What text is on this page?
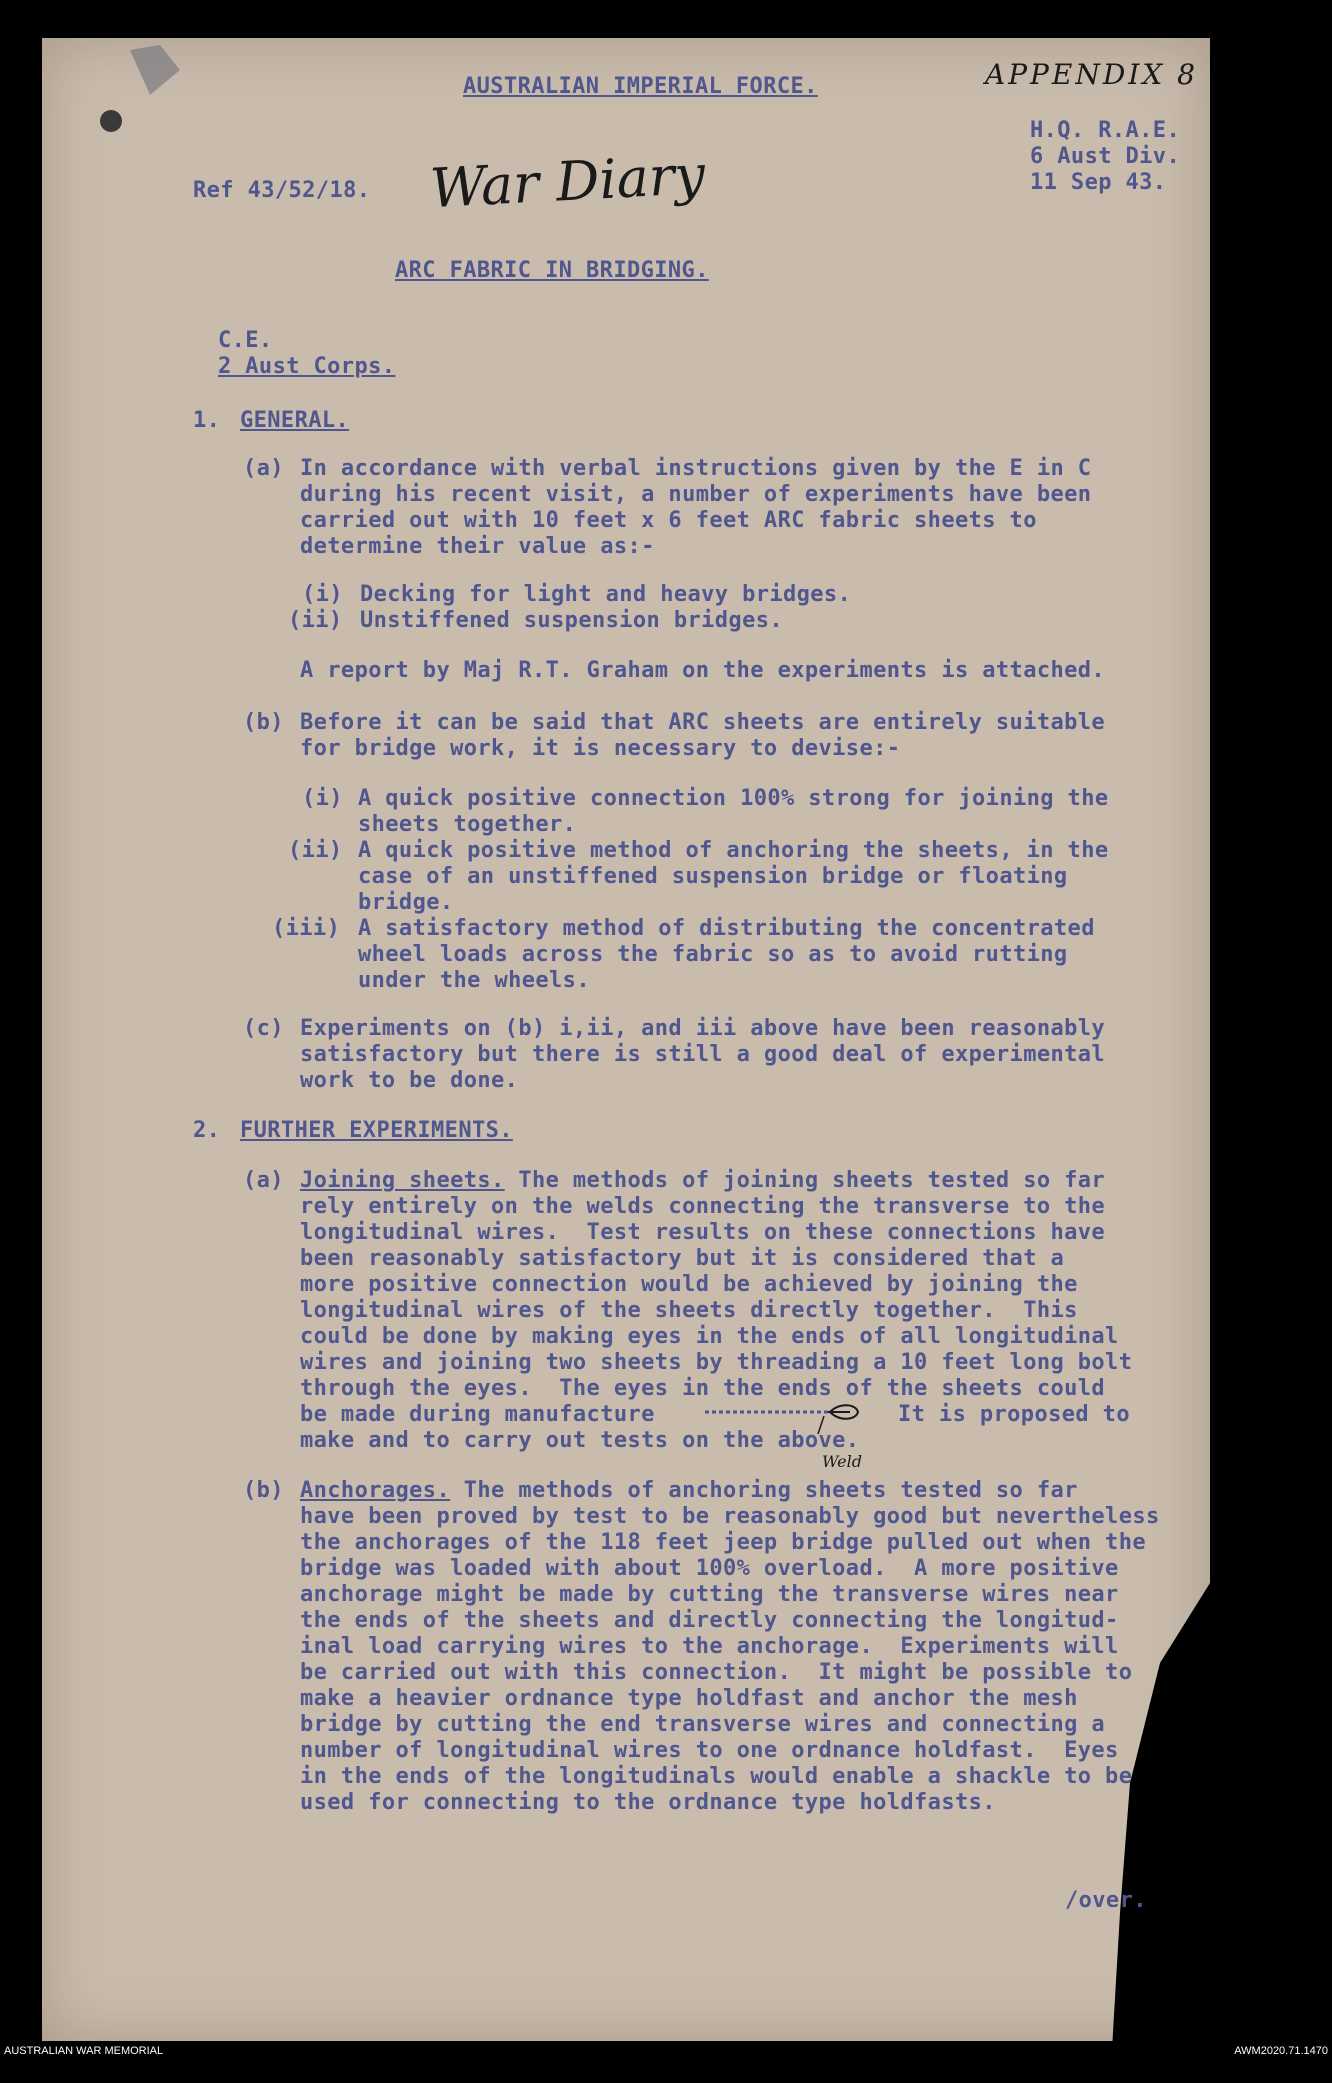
AUSTRALIAN IMPERIAL FORCE.	APPENDIX 8
Ref 43/52/18. War Diary
H.Q. R.A.E.
6 Aust Div.
11 Sep 43.
ARC FABRIC IN BRIDGING.
C.E.
2 Aust Corps.
1. GENERAL.
(a) In accordance with verbal instructions given by the E in C
during his recent visit, a number of experiments have been
carried out with 10 feet x 6 feet ARC fabric sheets to
determine their value as:-
(i) Decking for light and heavy bridges.
(ii) Unstiffened suspension bridges.
A report by Maj R.T. Graham on the experiments is attached.
(b) Before it can be said that ARC sheets are entirely suitable
for bridge work, it is necessary to devise:-
(i) A quick positive connection 100% strong for joining the
sheets together.
(ii) A quick positive method of anchoring the sheets, in the
case of an unstiffened suspension bridge or floating
bridge.
(iii) A satisfactory method of distributing the concentrated
wheel loads across the fabric so as to avoid rutting
under the wheels.
(c) Experiments on (b) i,ii, and iii above have been reasonably
satisfactory but there is still a good deal of experimental
work to be done.
2. FURTHER EXPERIMENTS.
(a) Joining sheets. The methods of joining sheets tested so far
rely entirely on the welds connecting the transverse to the
longitudinal wires.  Test results on these connections have
been reasonably satisfactory but it is considered that a
more positive connection would be achieved by joining the
longitudinal wires of the sheets directly together.  This
could be done by making eyes in the ends of all longitudinal
wires and joining two sheets by threading a 10 feet long bolt
through the eyes.  The eyes in the ends of the sheets could
be made during manufacture	It is proposed to
make and to carry out tests on the above.
Weld
(b) Anchorages. The methods of anchoring sheets tested so far
have been proved by test to be reasonably good but nevertheless
the anchorages of the 118 feet jeep bridge pulled out when the
bridge was loaded with about 100% overload.  A more positive
anchorage might be made by cutting the transverse wires near
the ends of the sheets and directly connecting the longitud-
inal load carrying wires to the anchorage.  Experiments will
be carried out with this connection.  It might be possible to
make a heavier ordnance type holdfast and anchor the mesh
bridge by cutting the end transverse wires and connecting a
number of longitudinal wires to one ordnance holdfast.  Eyes
in the ends of the longitudinals would enable a shackle to be
used for connecting to the ordnance type holdfasts.
/over.
AUSTRALIAN WAR MEMORIAL	AWM2020.71.1470
